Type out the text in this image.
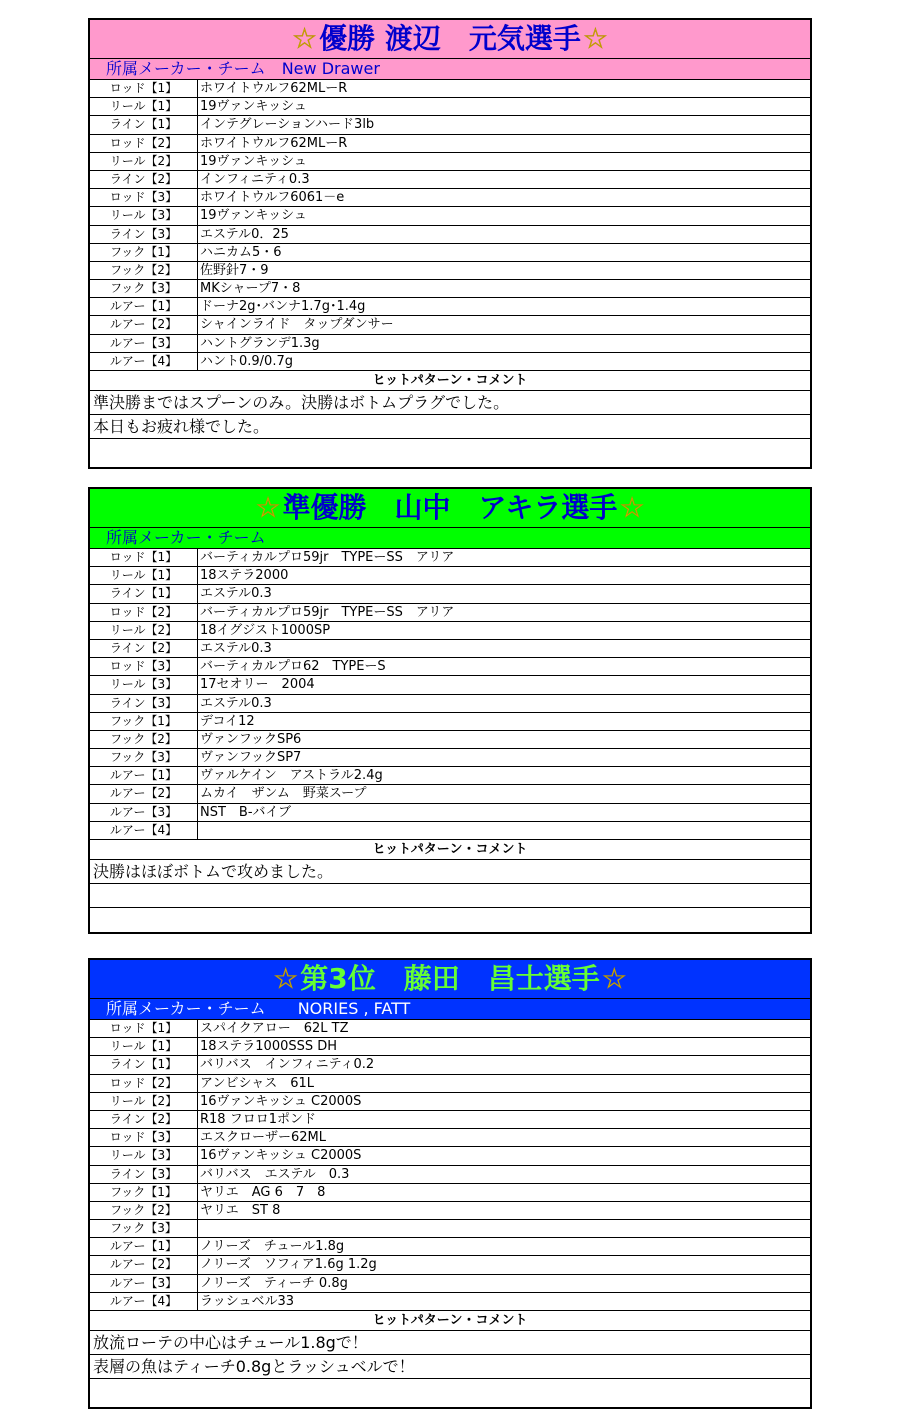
☆優勝 渡辺　元気選手☆
所属メーカー・チーム　 New Drawer
ロッド【1】	ホワイトウルフ62MLーR
リール【1】	19ヴァンキッシュ
ライン【1】	インテグレーションハード3lb
ロッド【2】	ホワイトウルフ62MLーR
リール【2】	19ヴァンキッシュ
ライン【2】	インフィニティ0.3
ロッド【3】	ホワイトウルフ6061－e
リール【3】	19ヴァンキッシュ
ライン【3】	エステル0．25
フック【1】	ハニカム5・6
フック【2】	佐野針7・9
フック【3】	MKシャープ7・8
ルアー【1】	ドーナ2g･バンナ1.7g･1.4g
ルアー【2】	シャインライド　タップダンサー
ルアー【3】	ハントグランデ1.3g
ルアー【4】	ハント0.9/0.7g
ヒットパターン・コメント
準決勝まではスプーンのみ。決勝はボトムプラグでした。
本日もお疲れ様でした。
☆準優勝　山中　アキラ選手☆
所属メーカー・チーム　
ロッド【1】	バーティカルプロ59jr　TYPEーSS　アリア
リール【1】	18ステラ2000
ライン【1】	エステル0.3
ロッド【2】	バーティカルプロ59jr　TYPEーSS　アリア
リール【2】	18イグジスト1000SP
ライン【2】	エステル0.3
ロッド【3】	バーティカルプロ62　TYPEーS
リール【3】	17セオリー　2004
ライン【3】	エステル0.3
フック【1】	デコイ12
フック【2】	ヴァンフックSP6
フック【3】	ヴァンフックSP7
ルアー【1】	ヴァルケイン　アストラル2.4g
ルアー【2】	ムカイ　ザンム　野菜スープ
ルアー【3】	NST　B-バイブ
ルアー【4】
ヒットパターン・コメント
決勝はほぼボトムで攻めました。
☆第3位　藤田　昌士選手☆
所属メーカー・チーム　　 NORIES , FATT
ロッド【1】	スパイクアロー　62L TZ
リール【1】	18ステラ1000SSS DH
ライン【1】	バリバス　インフィニティ0.2
ロッド【2】	アンビシャス　61L
リール【2】	16ヴァンキッシュ C2000S
ライン【2】	R18 フロロ1ポンド
ロッド【3】	エスクローザー62ML
リール【3】	16ヴァンキッシュ C2000S
ライン【3】	バリバス　エステル　0.3
フック【1】	ヤリエ　AG 6　7　8
フック【2】	ヤリエ　ST 8
フック【3】
ルアー【1】	ノリーズ　チュール1.8g
ルアー【2】	ノリーズ　ソフィア1.6g 1.2g
ルアー【3】	ノリーズ　ティーチ 0.8g
ルアー【4】	ラッシュベル33
ヒットパターン・コメント
放流ローテの中心はチュール1.8gで！
表層の魚はティーチ0.8gとラッシュベルで！
